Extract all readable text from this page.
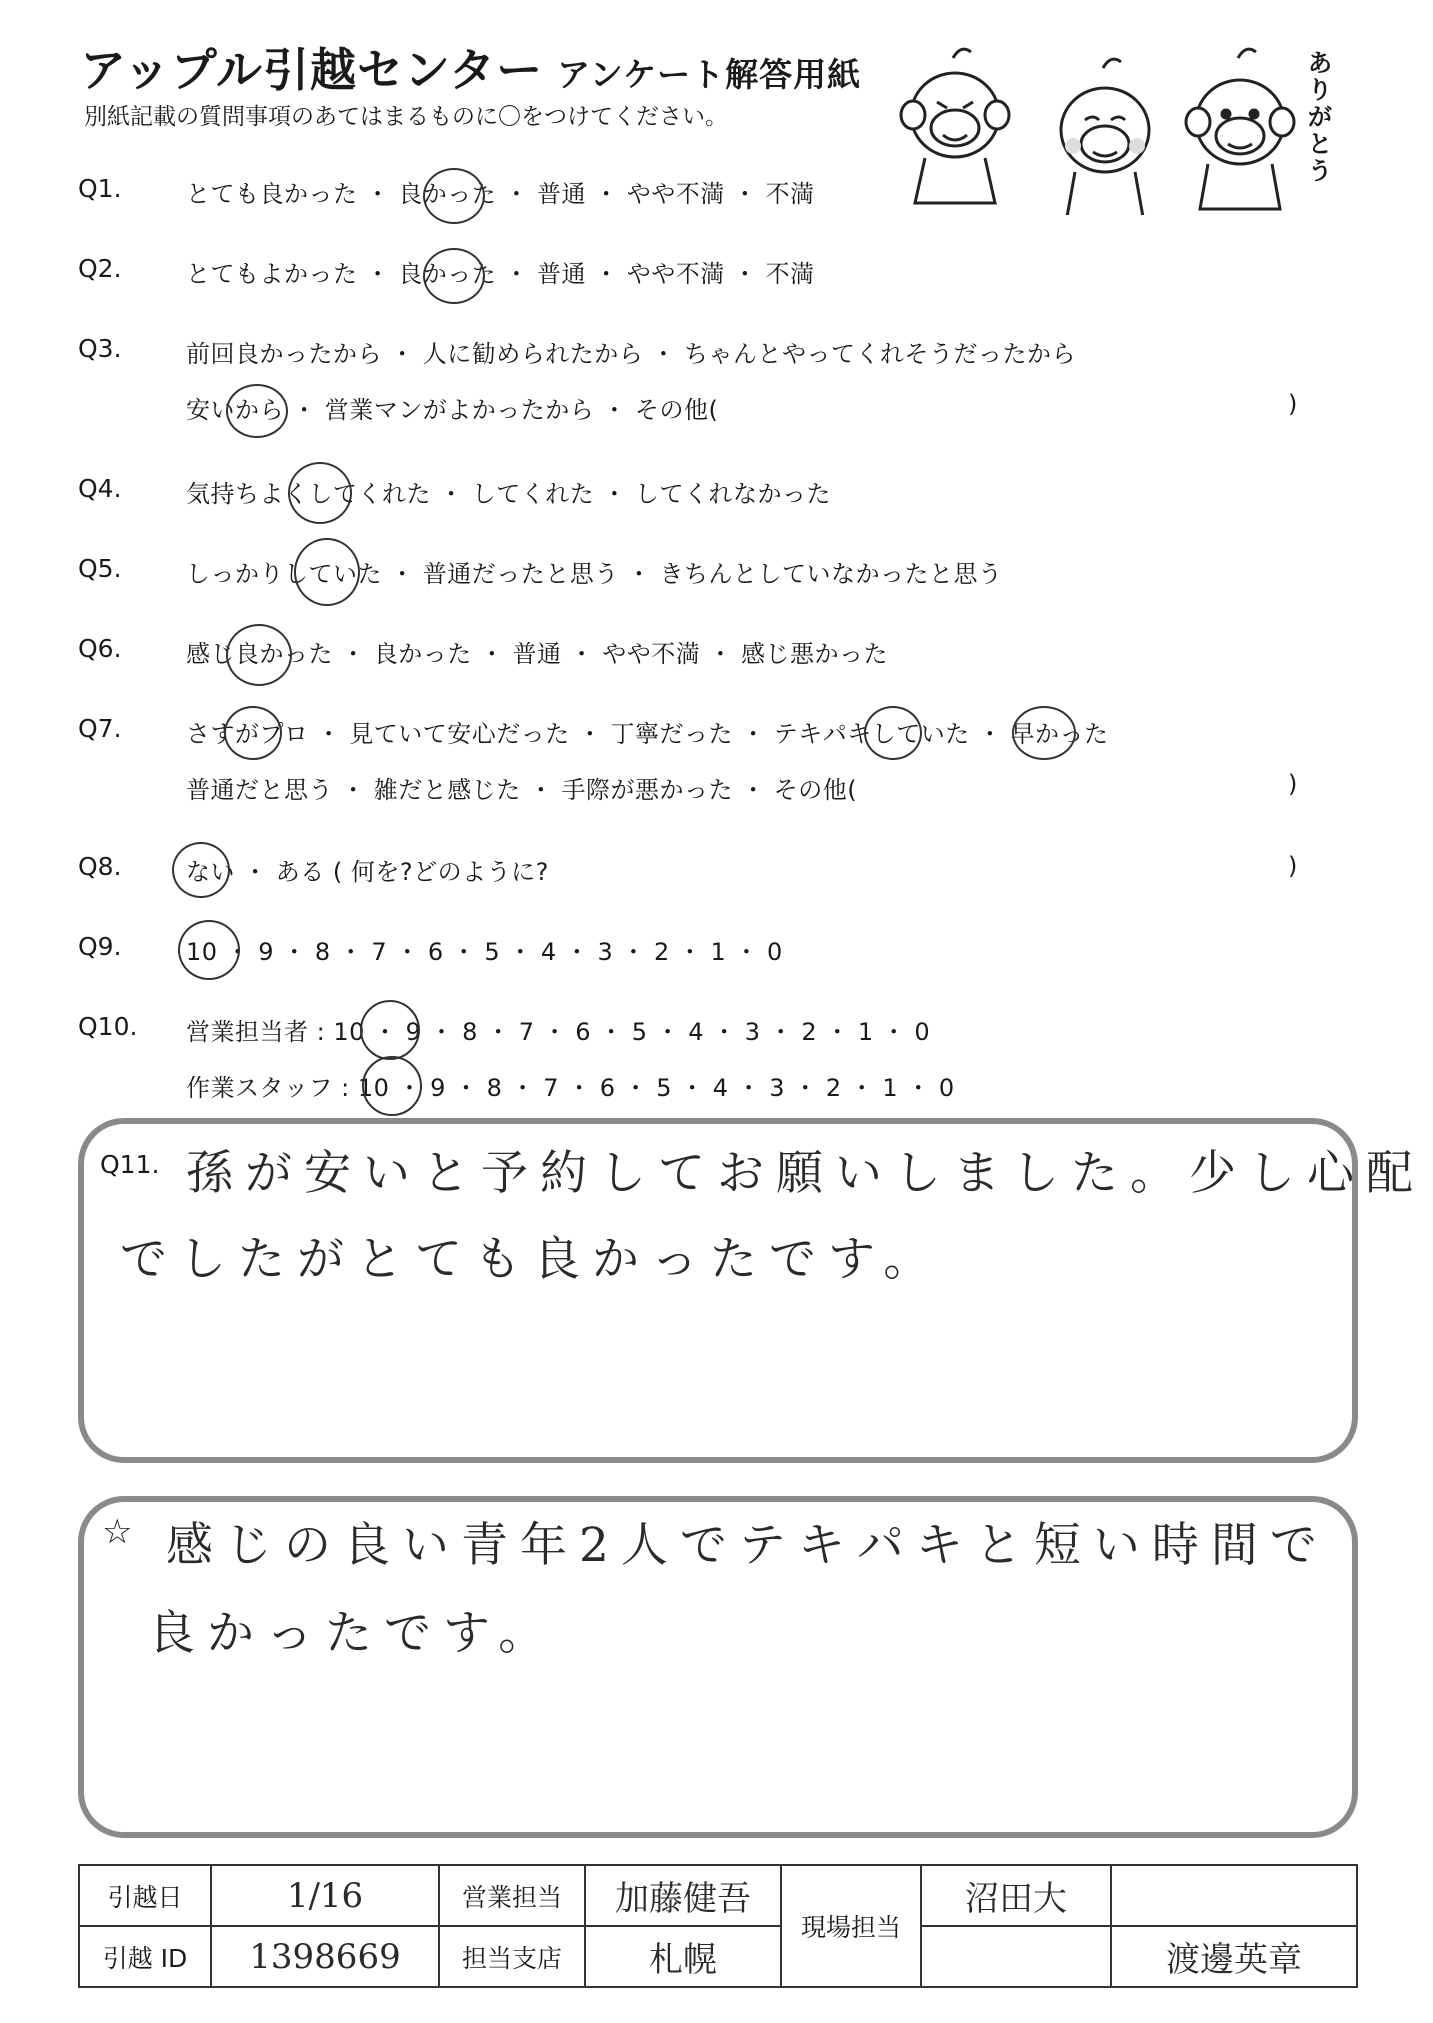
アップル引越センター アンケート解答用紙
別紙記載の質問事項のあてはまるものに〇をつけてください。
ありがとう
Q1.	とても良かった ・ 良かった ・ 普通 ・ やや不満 ・ 不満
Q2.	とてもよかった ・ 良かった ・ 普通 ・ やや不満 ・ 不満
Q3.	前回良かったから ・ 人に勧められたから ・ ちゃんとやってくれそうだったから
安いから ・ 営業マンがよかったから ・ その他(	)
Q4.	気持ちよくしてくれた ・ してくれた ・ してくれなかった
Q5.	しっかりしていた ・ 普通だったと思う ・ きちんとしていなかったと思う
Q6.	感じ良かった ・ 良かった ・ 普通 ・ やや不満 ・ 感じ悪かった
Q7.	さすがプロ ・ 見ていて安心だった ・ 丁寧だった ・ テキパキしていた ・ 早かった
普通だと思う ・ 雑だと感じた ・ 手際が悪かった ・ その他(	)
Q8.	ない ・ ある ( 何を?どのように?	)
Q9.	10 ・ 9 ・ 8 ・ 7 ・ 6 ・ 5 ・ 4 ・ 3 ・ 2 ・ 1 ・ 0
Q10. 営業担当者 : 10 ・ 9 ・ 8 ・ 7 ・ 6 ・ 5 ・ 4 ・ 3 ・ 2 ・ 1 ・ 0
作業スタッフ : 10 ・ 9 ・ 8 ・ 7 ・ 6 ・ 5 ・ 4 ・ 3 ・ 2 ・ 1 ・ 0
Q11. 孫が安いと予約してお願いしました。少し心配
でしたがとても良かったです。
☆ 感じの良い青年2人でテキパキと短い時間で
良かったです。
引越日	1/16	営業担当	加藤健吾	現場担当	沼田大	
引越 ID	1398669	担当支店	札幌			渡邊英章
